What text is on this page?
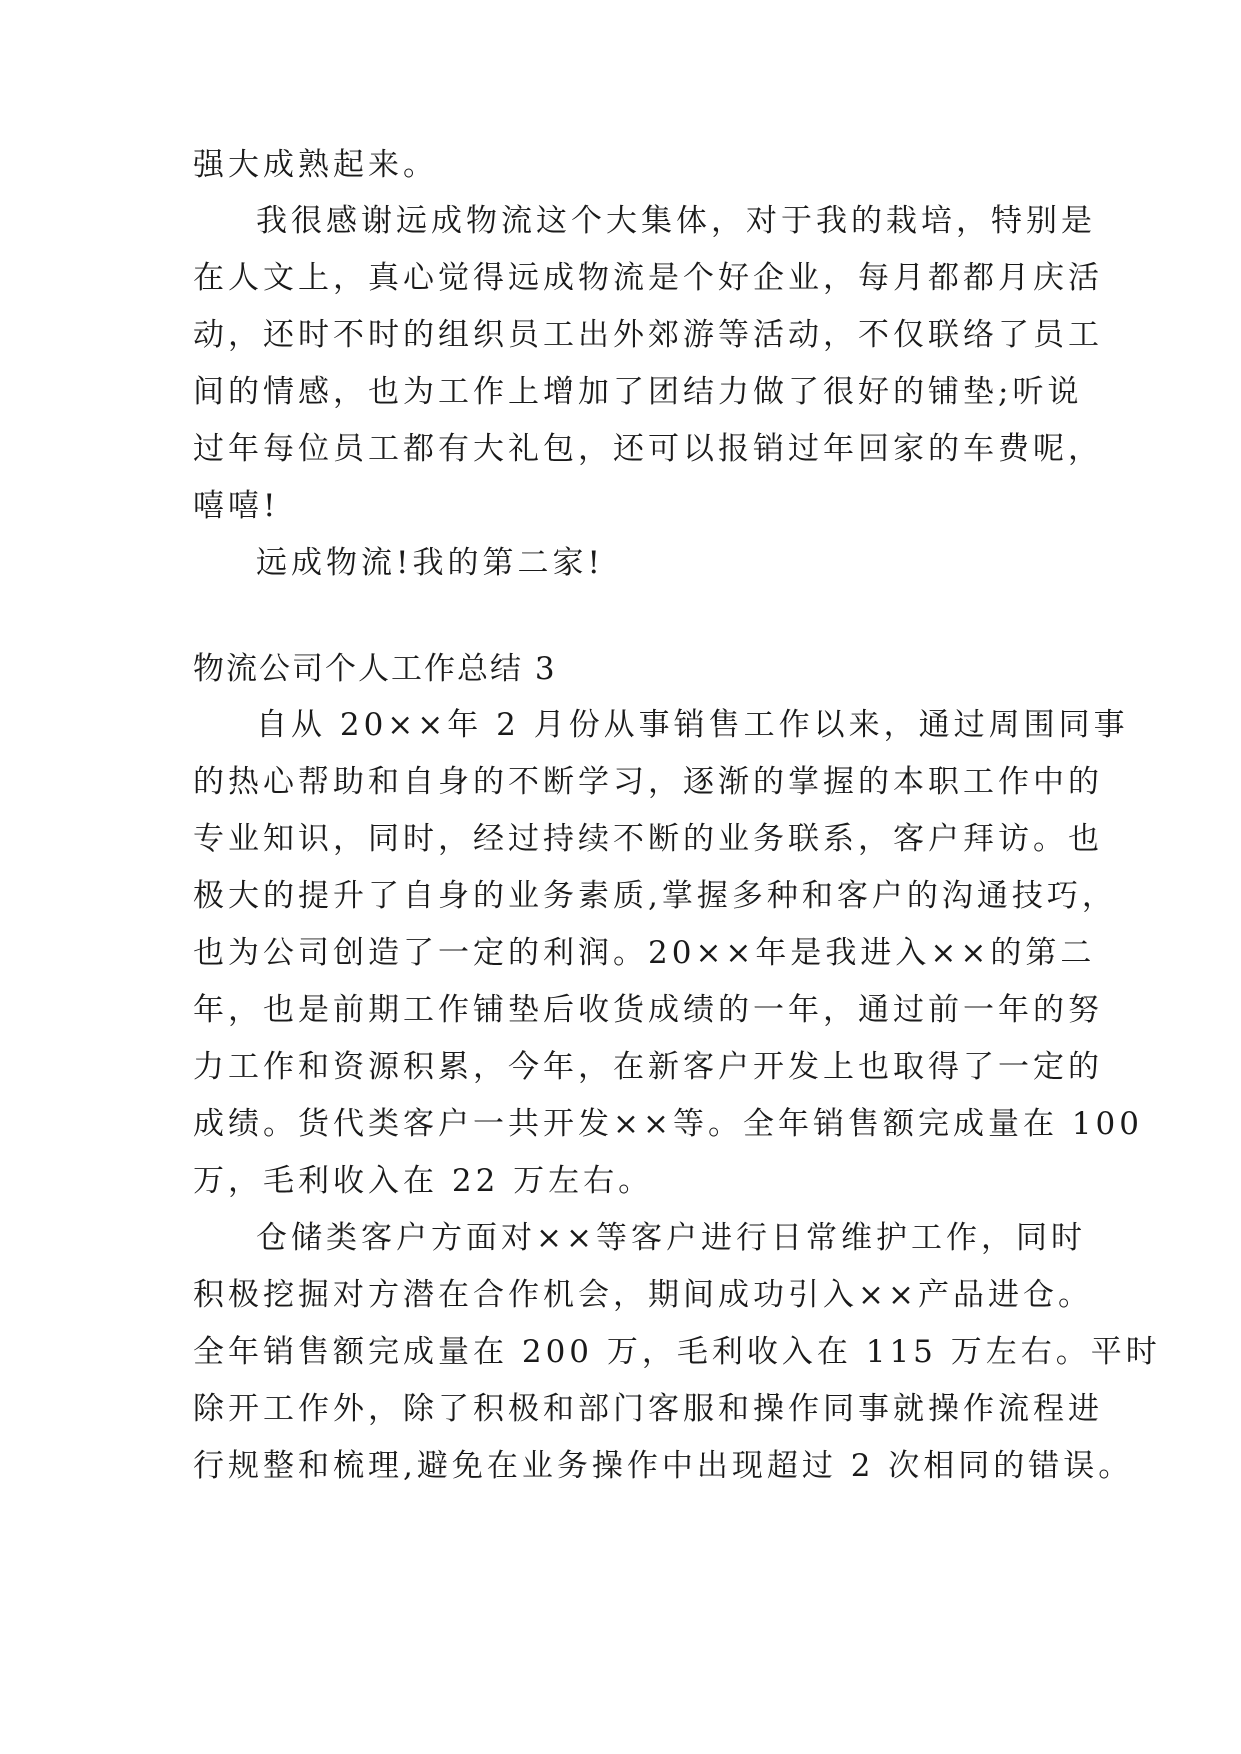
强大成熟起来。
我很感谢远成物流这个大集体，对于我的栽培，特别是
在人文上，真心觉得远成物流是个好企业，每月都都月庆活
动，还时不时的组织员工出外郊游等活动，不仅联络了员工
间的情感，也为工作上增加了团结力做了很好的铺垫;听说
过年每位员工都有大礼包，还可以报销过年回家的车费呢，
嘻嘻!
远成物流!我的第二家!
物流公司个人工作总结 3
自从 20××年 2 月份从事销售工作以来，通过周围同事
的热心帮助和自身的不断学习，逐渐的掌握的本职工作中的
专业知识，同时，经过持续不断的业务联系，客户拜访。也
极大的提升了自身的业务素质,掌握多种和客户的沟通技巧，
也为公司创造了一定的利润。20××年是我进入××的第二
年，也是前期工作铺垫后收货成绩的一年，通过前一年的努
力工作和资源积累，今年，在新客户开发上也取得了一定的
成绩。货代类客户一共开发××等。全年销售额完成量在 100
万，毛利收入在 22 万左右。
仓储类客户方面对××等客户进行日常维护工作，同时
积极挖掘对方潜在合作机会，期间成功引入××产品进仓。
全年销售额完成量在 200 万，毛利收入在 115 万左右。平时
除开工作外，除了积极和部门客服和操作同事就操作流程进
行规整和梳理,避免在业务操作中出现超过 2 次相同的错误。
